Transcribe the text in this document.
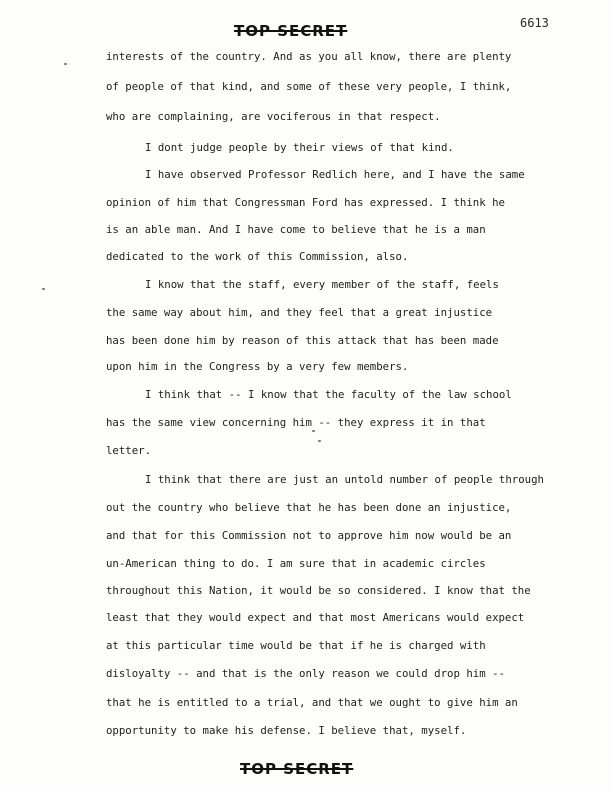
TOP SECRET	6613
interests of the country. And as you all know, there are plenty
of people of that kind, and some of these very people, I think,
who are complaining, are vociferous in that respect.
I dont judge people by their views of that kind.
I have observed Professor Redlich here, and I have the same
opinion of him that Congressman Ford has expressed. I think he
is an able man. And I have come to believe that he is a man
dedicated to the work of this Commission, also.
I know that the staff, every member of the staff, feels
the same way about him, and they feel that a great injustice
has been done him by reason of this attack that has been made
upon him in the Congress by a very few members.
I think that -- I know that the faculty of the law school
has the same view concerning him -- they express it in that
letter.
I think that there are just an untold number of people through
out the country who believe that he has been done an injustice,
and that for this Commission not to approve him now would be an
un-American thing to do. I am sure that in academic circles
throughout this Nation, it would be so considered. I know that the
least that they would expect and that most Americans would expect
at this particular time would be that if he is charged with
disloyalty -- and that is the only reason we could drop him --
that he is entitled to a trial, and that we ought to give him an
opportunity to make his defense. I believe that, myself.
TOP SECRET
